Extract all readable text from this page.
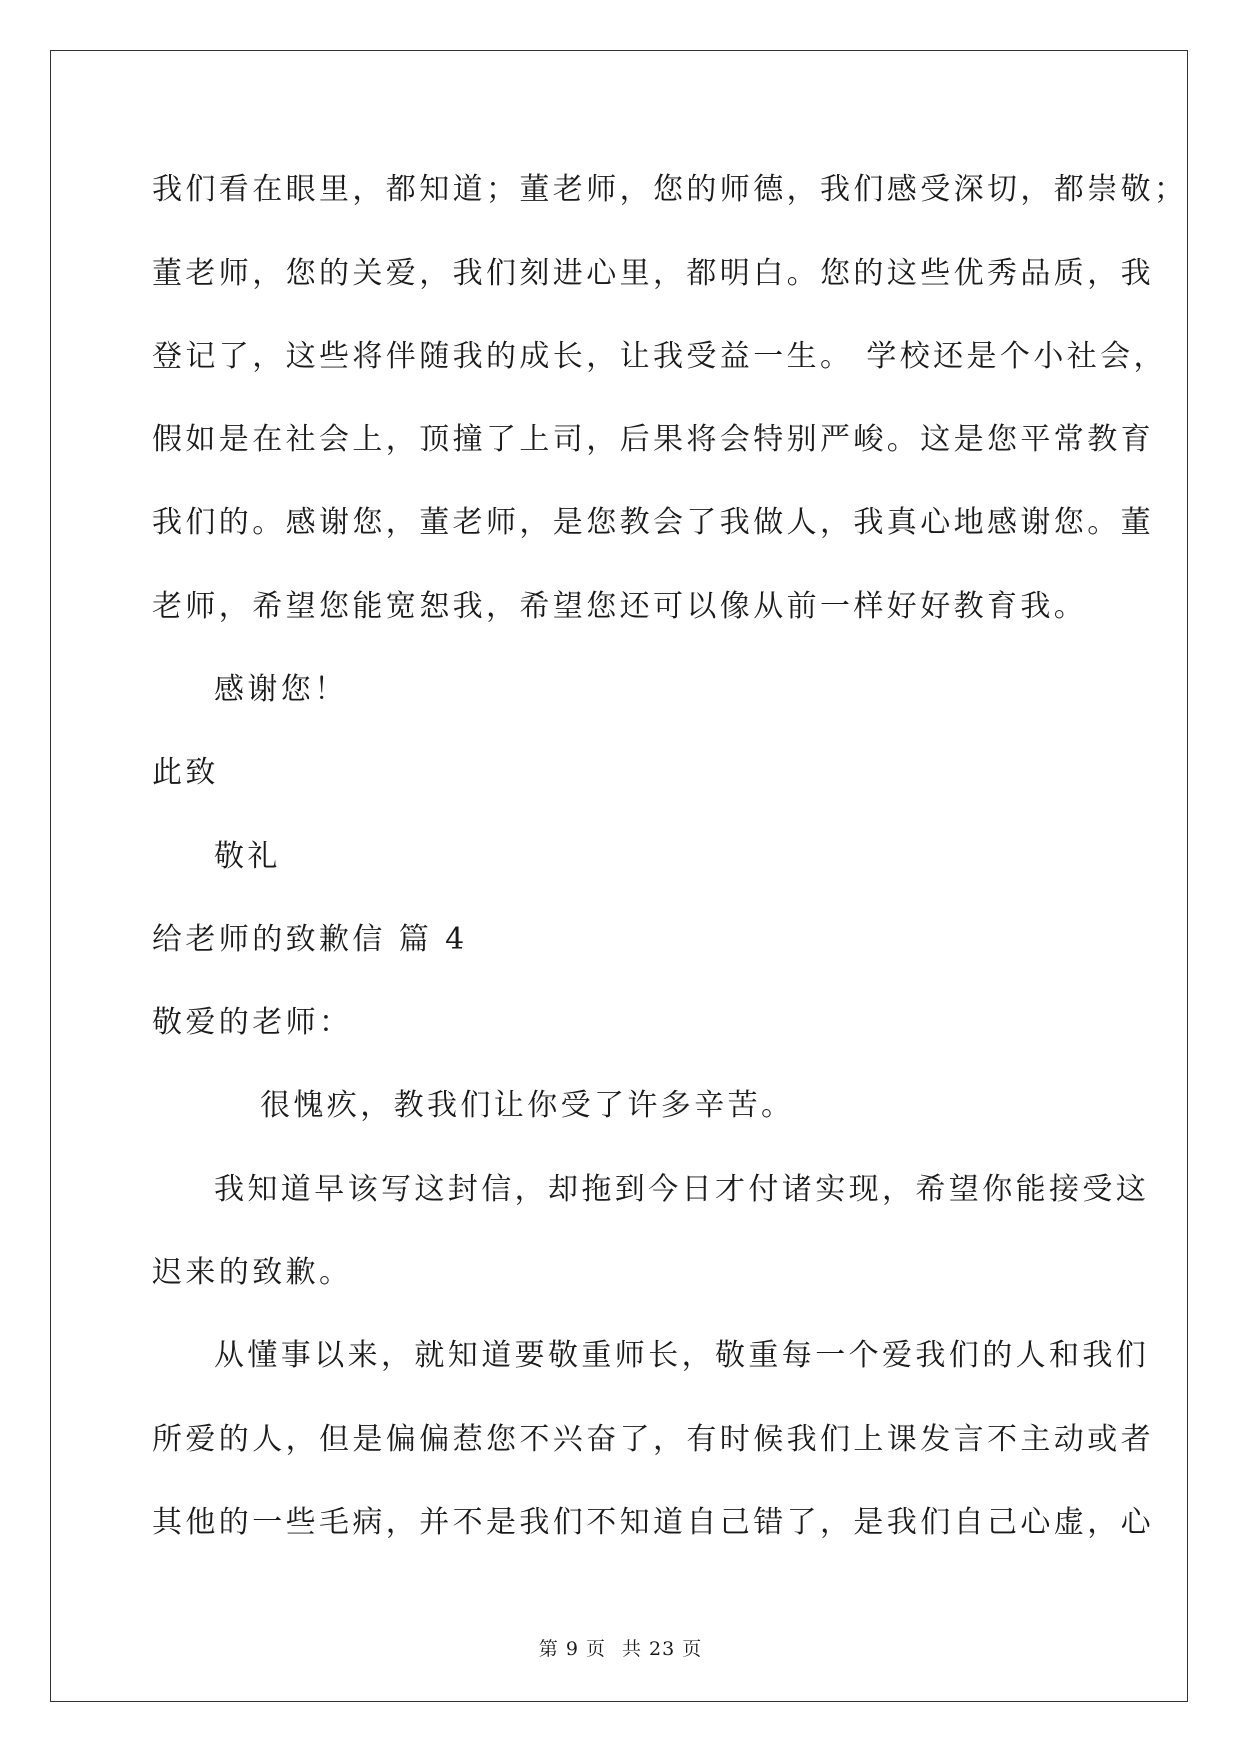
我们看在眼里，都知道；董老师，您的师德，我们感受深切，都崇敬；
董老师，您的关爱，我们刻进心里，都明白。您的这些优秀品质，我
登记了，这些将伴随我的成长，让我受益一生。 学校还是个小社会，
假如是在社会上，顶撞了上司，后果将会特别严峻。这是您平常教育
我们的。感谢您，董老师，是您教会了我做人，我真心地感谢您。董
老师，希望您能宽恕我，希望您还可以像从前一样好好教育我。
感谢您！
此致
敬礼
给老师的致歉信 篇 4
敬爱的老师：
很愧疚，教我们让你受了许多辛苦。
我知道早该写这封信，却拖到今日才付诸实现，希望你能接受这
迟来的致歉。
从懂事以来，就知道要敬重师长，敬重每一个爱我们的人和我们
所爱的人，但是偏偏惹您不兴奋了，有时候我们上课发言不主动或者
其他的一些毛病，并不是我们不知道自己错了，是我们自己心虚，心
第 9 页 共 23 页
